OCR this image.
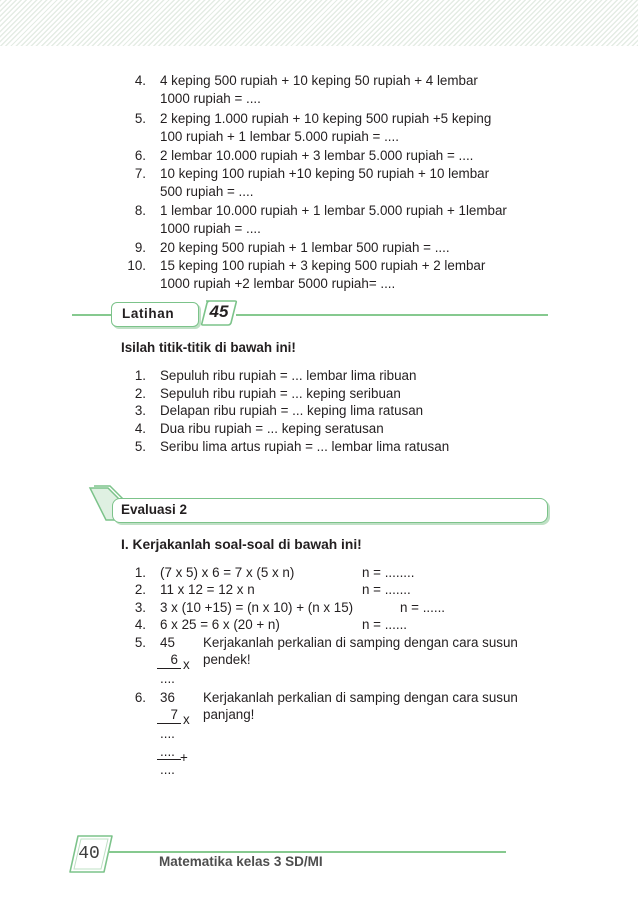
4. 4 keping 500 rupiah + 10 keping 50 rupiah + 4 lembar
1000 rupiah = ....
5. 2 keping 1.000 rupiah + 10 keping 500 rupiah +5 keping
100 rupiah + 1 lembar 5.000 rupiah = ....
6. 2 lembar 10.000 rupiah + 3 lembar 5.000 rupiah = ....
7. 10 keping 100 rupiah +10 keping 50 rupiah + 10 lembar
500 rupiah = ....
8. 1 lembar 10.000 rupiah + 1 lembar 5.000 rupiah + 1lembar
1000 rupiah = ....
9. 20 keping 500 rupiah + 1 lembar 500 rupiah = ....
10. 15 keping 100 rupiah + 3 keping 500 rupiah + 2 lembar
1000 rupiah +2 lembar 5000 rupiah= ....
Latihan	45
Isilah titik-titik di bawah ini!
1. Sepuluh ribu rupiah = ... lembar lima ribuan
2. Sepuluh ribu rupiah = ... keping seribuan
3. Delapan ribu rupiah = ... keping lima ratusan
4. Dua ribu rupiah = ... keping seratusan
5. Seribu lima artus rupiah = ... lembar lima ratusan
Evaluasi 2
I. Kerjakanlah soal-soal di bawah ini!
1. (7 x 5) x 6 = 7 x (5 x n)	n = ........
2. 11 x 12 = 12 x n	n = .......
3. 3 x (10 +15) = (n x 10) + (n x 15)	n = ......
4. 6 x 25 = 6 x (20 + n)	n = ......
5. 45
6 x
....
Kerjakanlah perkalian di samping dengan cara susun
pendek!
6. 36
7 x
....
.... +
....
Kerjakanlah perkalian di samping dengan cara susun
panjang!
40	Matematika kelas 3 SD/MI
